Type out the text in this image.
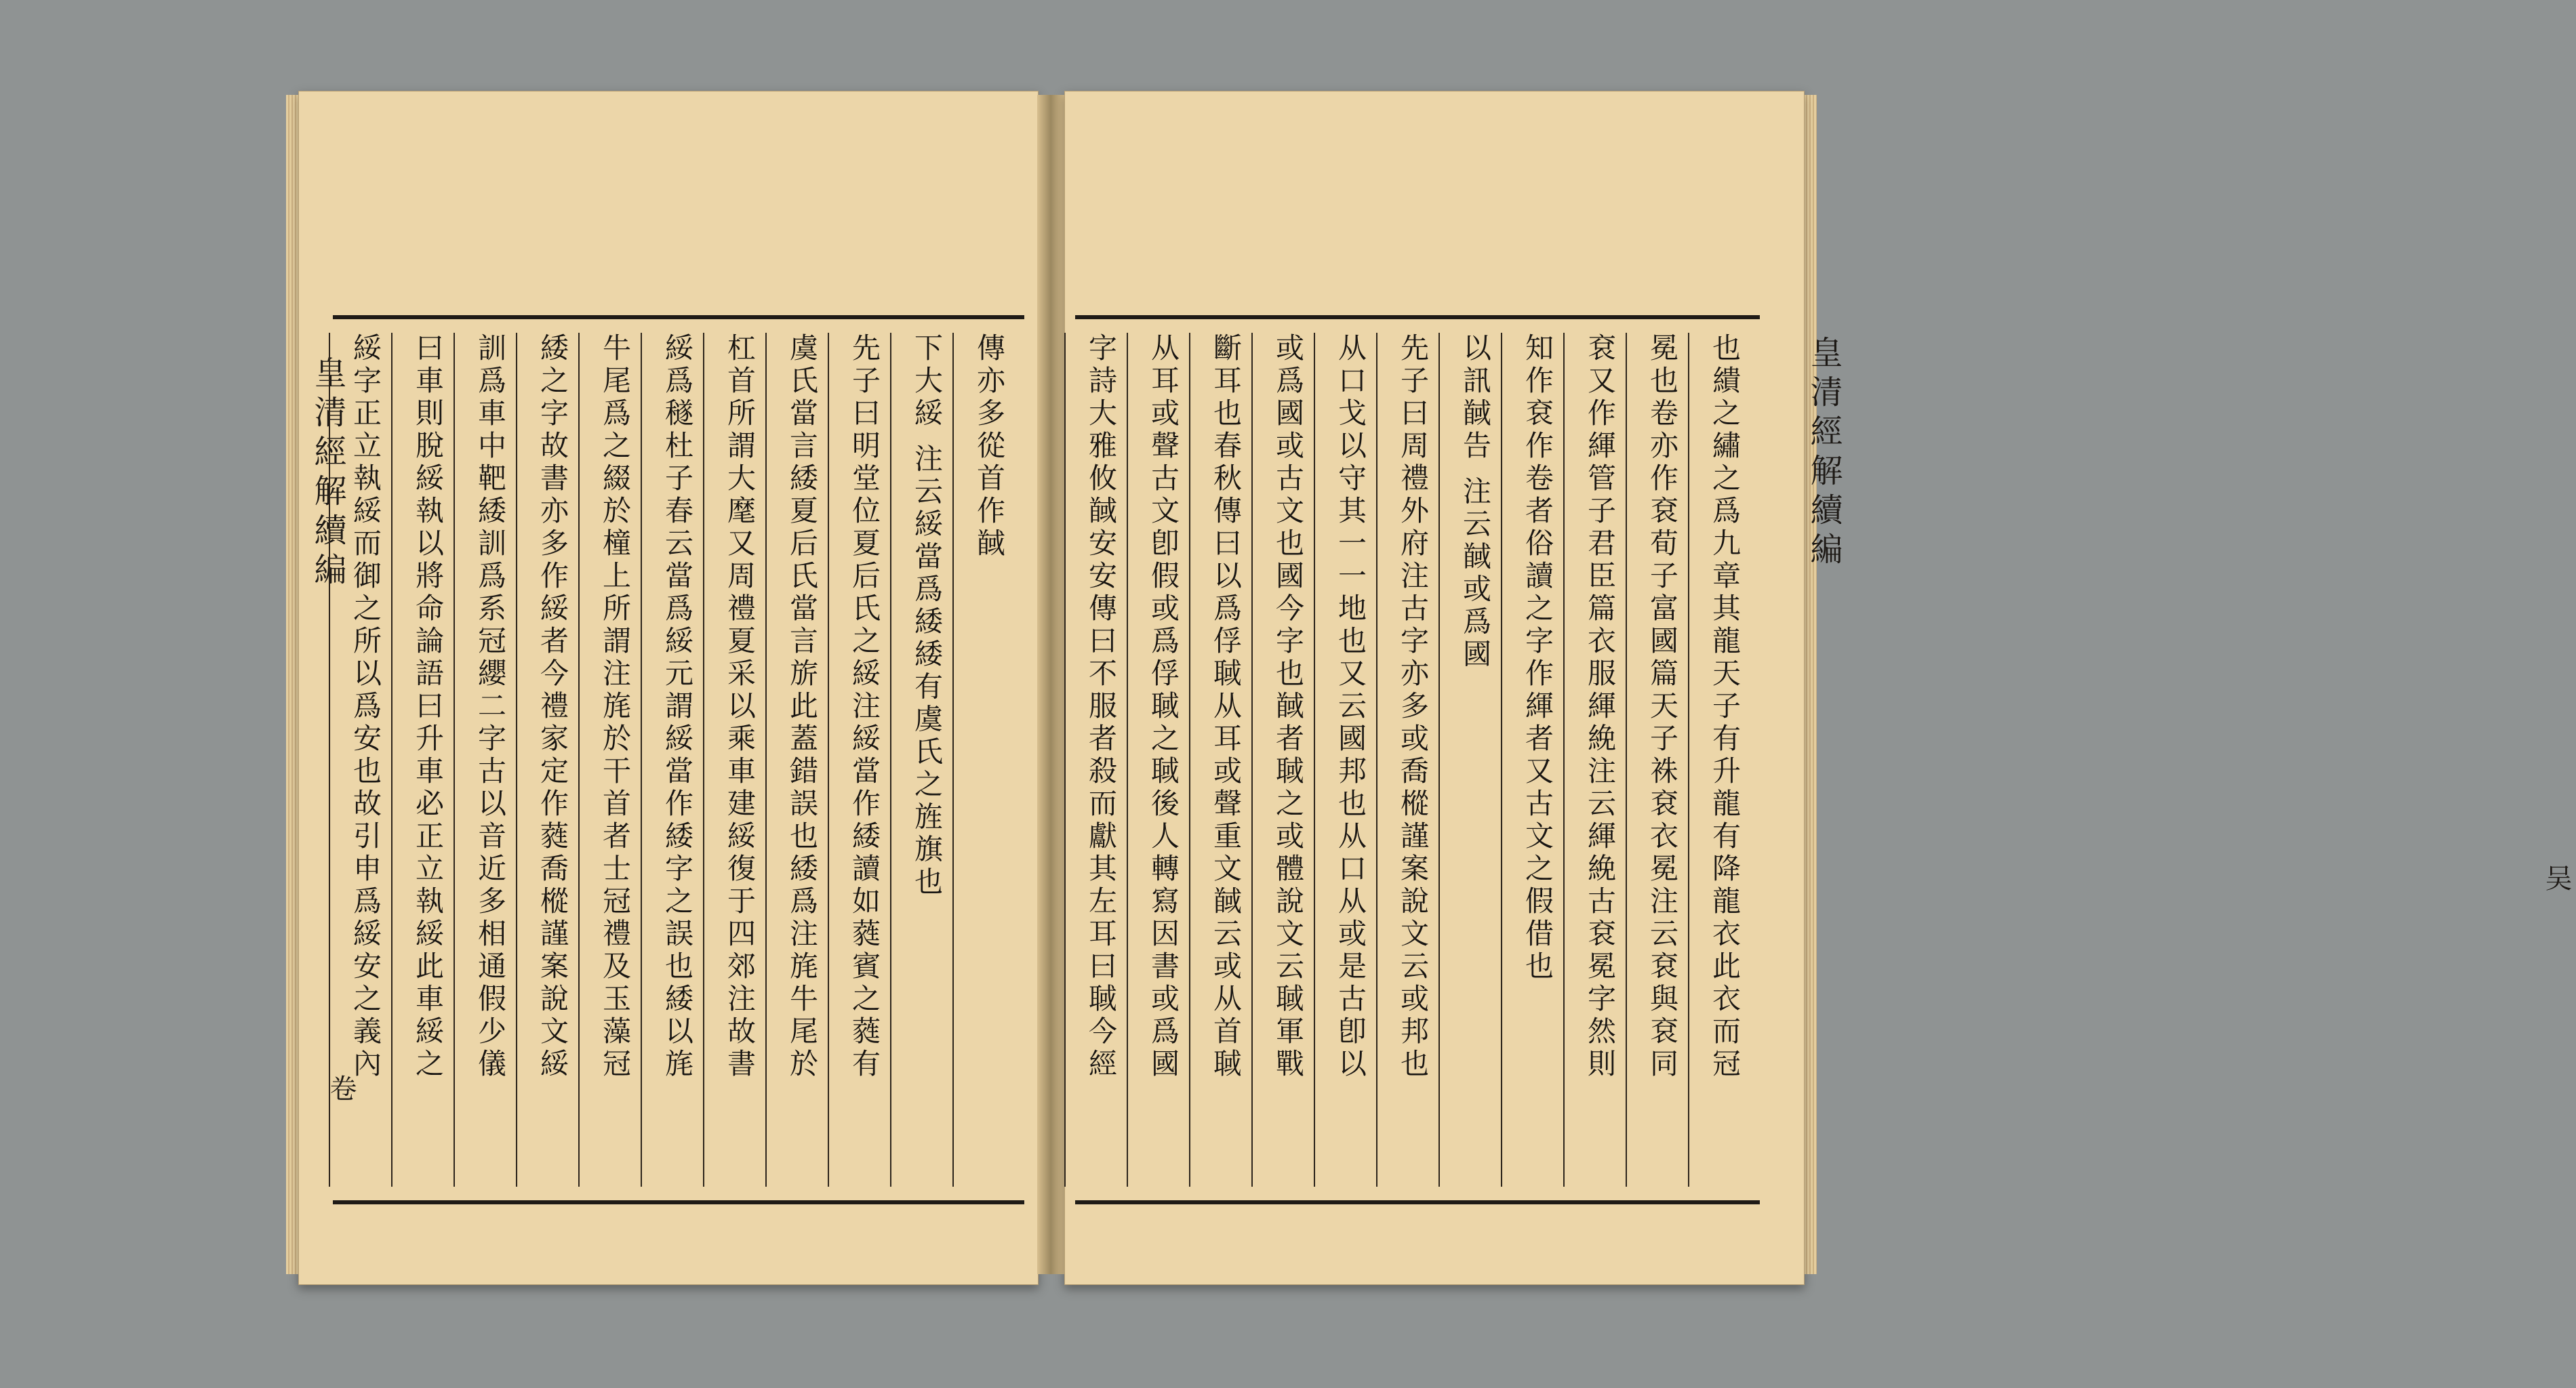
皇清經解續編
卷
傳亦多從首作馘
下大綏 注云綏當爲緌緌有虞氏之旌旗也
先子曰明堂位夏后氏之綏注綏當作緌讀如蕤賓之蕤有
虞氏當言緌夏后氏當言旂此蓋錯誤也緌爲注旄牛尾於
杠首所謂大麾又周禮夏采以乘車建綏復于四郊注故書
綏爲穟杜子春云當爲綏元謂綏當作緌字之誤也緌以旄
牛尾爲之綴於橦上所謂注旄於干首者士冠禮及玉藻冠
緌之字故書亦多作綏者今禮家定作蕤喬樅謹案說文綏
訓爲車中靶緌訓爲系冠纓二字古以音近多相通假少儀
曰車則脫綏執以將命論語曰升車必正立執綏此車綏之
綏字正立執綏而御之所以爲安也故引申爲綏安之義內	皇清經解續編
吴
也繢之繡之爲九章其龍天子有升龍有降龍衣此衣而冠
冕也卷亦作袞荀子富國篇天子袾袞衣冕注云袞與袞同
袞又作緷管子君臣篇衣服緷絻注云緷絻古袞冕字然則
知作袞作卷者俗讀之字作緷者又古文之假借也
以訊馘告 注云馘或爲國
先子曰周禮外府注古字亦多或喬樅謹案說文云或邦也
从口戈以守其一一地也又云國邦也从口从或是古卽以
或爲國或古文也國今字也馘者聝之或體說文云聝軍戰
斷耳也春秋傳曰以爲俘聝从耳或聲重文馘云或从首聝
从耳或聲古文卽假或爲俘聝之聝後人轉寫因書或爲國
字詩大雅攸馘安安傳曰不服者殺而獻其左耳曰聝今經
